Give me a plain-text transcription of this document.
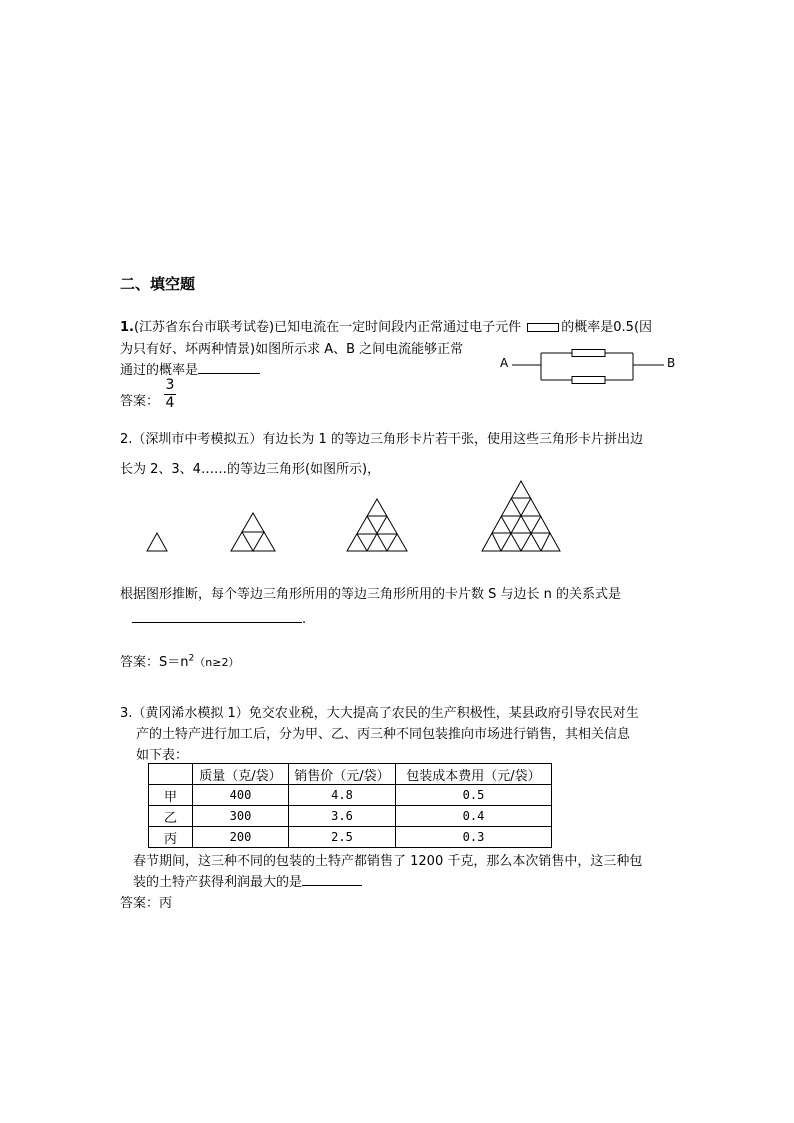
二、填空题
1.(江苏省东台市联考试卷)已知电流在一定时间段内正常通过电子元件	的概率是0.5(因
为只有好、坏两种情景)如图所示求 A、B 之间电流能够正常
通过的概率是	A	B
答案： $\frac{3}{4}$
2.（深圳市中考模拟五）有边长为 1 的等边三角形卡片若干张，使用这些三角形卡片拼出边
长为 2、3、4……的等边三角形(如图所示)，
根据图形推断，每个等边三角形所用的等边三角形所用的卡片数 S 与边长 n 的关系式是
.
答案：$S=n^2(n\ge 2)$
3.（黄冈浠水模拟 1）免交农业税，大大提高了农民的生产积极性，某县政府引导农民对生
产的土特产进行加工后，分为甲、乙、丙三种不同包装推向市场进行销售，其相关信息
如下表：
	质量（克/袋）	销售价（元/袋）	包装成本费用（元/袋）
甲	400	4.8	0.5
乙	300	3.6	0.4
丙	200	2.5	0.3
春节期间，这三种不同的包装的土特产都销售了 1200 千克，那么本次销售中，这三种包
装的土特产获得利润最大的是
答案：丙
